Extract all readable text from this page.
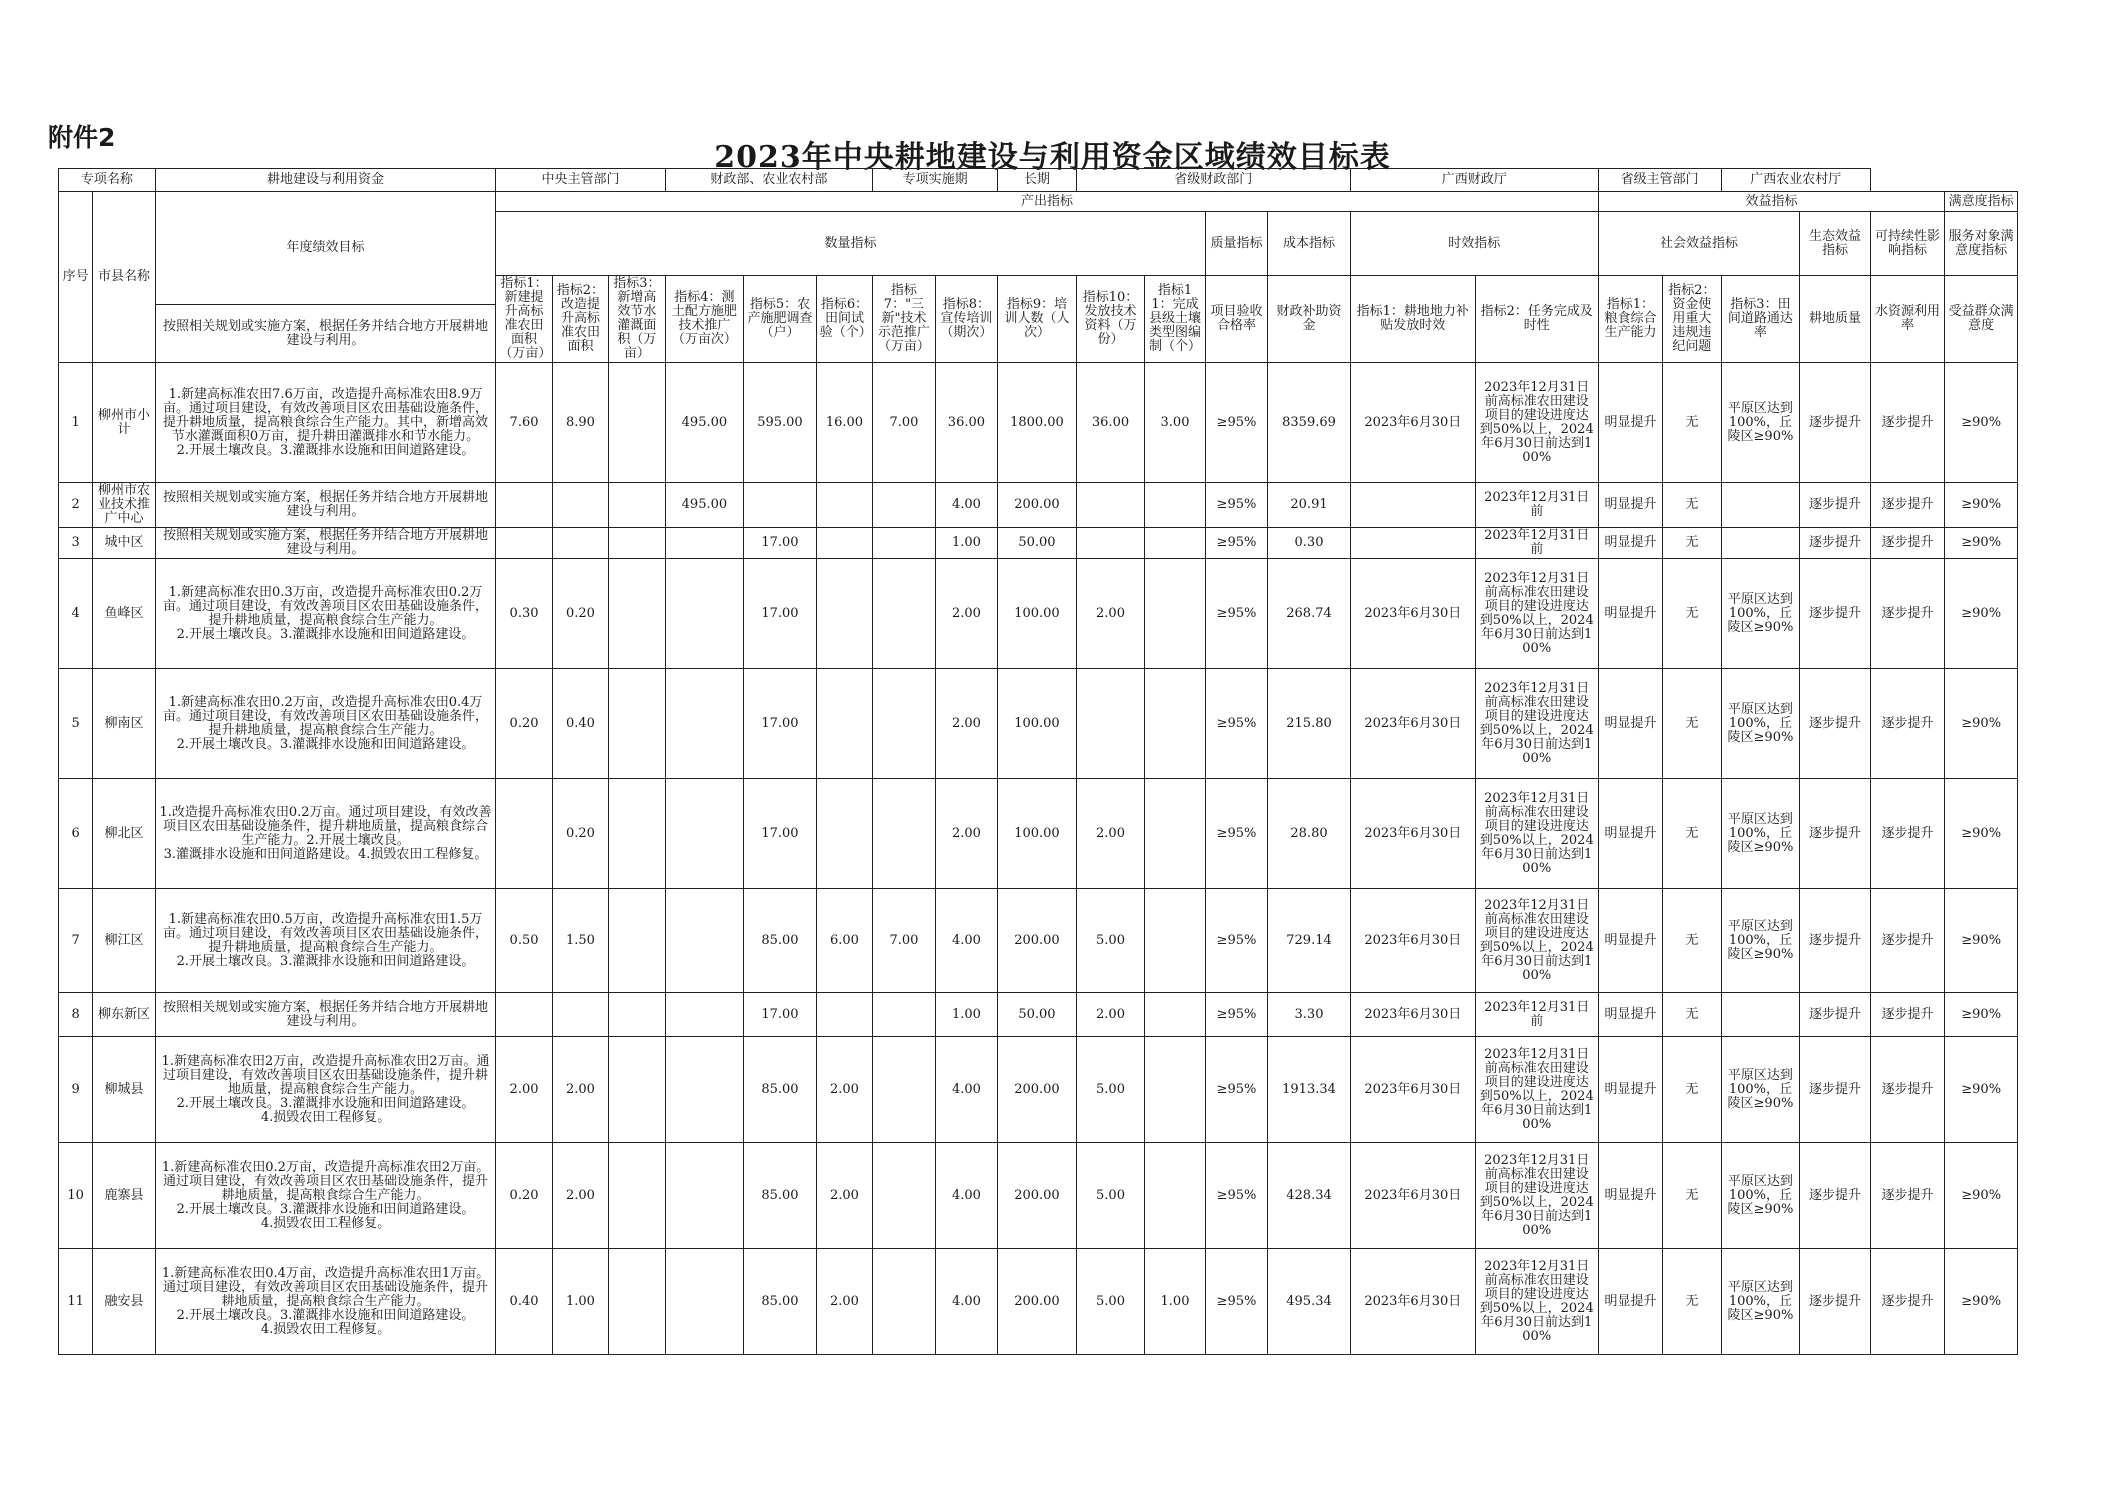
附件2
2023年中央耕地建设与利用资金区域绩效目标表
专项名称		耕地建设与利用资金	中央主管部门			财政部、农业农村部			专项实施期		长期	省级财政部门				广西财政厅		省级主管部门		广西农业农村厅			
序号	市县名称	年度绩效目标	产出指标															效益指标					满意度指标
			数量指标											质量指标	成本指标	时效指标		社会效益指标			生态效益指标	可持续性影响指标	服务对象满意度指标
			指标1：新建提升高标准农田面积（万亩）	指标2：改造提升高标准农田面积	指标3：新增高效节水灌溉面积（万亩）	指标4：测土配方施肥技术推广（万亩次）	指标5：农产施肥调查（户）	指标6：田间试验（个）	指标7："三新"技术示范推广（万亩）	指标8：宣传培训（期次）	指标9：培训人数（人次）	指标10：发放技术资料（万份）	指标11：完成县级土壤类型图编制（个）	项目验收合格率	财政补助资金	指标1：耕地地力补贴发放时效	指标2：任务完成及时性	指标1：粮食综合生产能力	指标2：资金使用重大违规违纪问题	指标3：田间道路通达率	耕地质量	水资源利用率	受益群众满意度
		按照相关规划或实施方案，根据任务并结合地方开展耕地建设与利用。																					
1	柳州市小计	1.新建高标准农田7.6万亩，改造提升高标准农田8.9万亩。通过项目建设，有效改善项目区农田基础设施条件，提升耕地质量，提高粮食综合生产能力。其中，新增高效节水灌溉面积0万亩，提升耕田灌溉排水和节水能力。
2.开展土壤改良。3.灌溉排水设施和田间道路建设。	7.60	8.90		495.00	595.00	16.00	7.00	36.00	1800.00	36.00	3.00	≥95%	8359.69	2023年6月30日	2023年12月31日前高标准农田建设项目的建设进度达到50%以上，2024年6月30日前达到100%	明显提升	无	平原区达到100%，丘陵区≥90%	逐步提升	逐步提升	≥90%
2	柳州市农业技术推广中心	按照相关规划或实施方案，根据任务并结合地方开展耕地建设与利用。				495.00				4.00	200.00			≥95%	20.91		2023年12月31日前	明显提升	无		逐步提升	逐步提升	≥90%
3	城中区	按照相关规划或实施方案，根据任务并结合地方开展耕地建设与利用。					17.00			1.00	50.00			≥95%	0.30		2023年12月31日前	明显提升	无		逐步提升	逐步提升	≥90%
4	鱼峰区	1.新建高标准农田0.3万亩，改造提升高标准农田0.2万亩。通过项目建设，有效改善项目区农田基础设施条件，提升耕地质量，提高粮食综合生产能力。
2.开展土壤改良。3.灌溉排水设施和田间道路建设。	0.30	0.20			17.00			2.00	100.00	2.00		≥95%	268.74	2023年6月30日	2023年12月31日前高标准农田建设项目的建设进度达到50%以上，2024年6月30日前达到100%	明显提升	无	平原区达到100%，丘陵区≥90%	逐步提升	逐步提升	≥90%
5	柳南区	1.新建高标准农田0.2万亩，改造提升高标准农田0.4万亩。通过项目建设，有效改善项目区农田基础设施条件，提升耕地质量，提高粮食综合生产能力。
2.开展土壤改良。3.灌溉排水设施和田间道路建设。	0.20	0.40			17.00			2.00	100.00			≥95%	215.80	2023年6月30日	2023年12月31日前高标准农田建设项目的建设进度达到50%以上，2024年6月30日前达到100%	明显提升	无	平原区达到100%，丘陵区≥90%	逐步提升	逐步提升	≥90%
6	柳北区	1.改造提升高标准农田0.2万亩。通过项目建设，有效改善项目区农田基础设施条件，提升耕地质量，提高粮食综合生产能力。2.开展土壤改良。
3.灌溉排水设施和田间道路建设。4.损毁农田工程修复。		0.20			17.00			2.00	100.00	2.00		≥95%	28.80	2023年6月30日	2023年12月31日前高标准农田建设项目的建设进度达到50%以上，2024年6月30日前达到100%	明显提升	无	平原区达到100%，丘陵区≥90%	逐步提升	逐步提升	≥90%
7	柳江区	1.新建高标准农田0.5万亩，改造提升高标准农田1.5万亩。通过项目建设，有效改善项目区农田基础设施条件，提升耕地质量，提高粮食综合生产能力。
2.开展土壤改良。3.灌溉排水设施和田间道路建设。	0.50	1.50			85.00	6.00	7.00	4.00	200.00	5.00		≥95%	729.14	2023年6月30日	2023年12月31日前高标准农田建设项目的建设进度达到50%以上，2024年6月30日前达到100%	明显提升	无	平原区达到100%，丘陵区≥90%	逐步提升	逐步提升	≥90%
8	柳东新区	按照相关规划或实施方案，根据任务并结合地方开展耕地建设与利用。					17.00			1.00	50.00	2.00		≥95%	3.30	2023年6月30日	2023年12月31日前	明显提升	无		逐步提升	逐步提升	≥90%
9	柳城县	1.新建高标准农田2万亩，改造提升高标准农田2万亩。通过项目建设，有效改善项目区农田基础设施条件，提升耕地质量，提高粮食综合生产能力。
2.开展土壤改良。3.灌溉排水设施和田间道路建设。
4.损毁农田工程修复。	2.00	2.00			85.00	2.00		4.00	200.00	5.00		≥95%	1913.34	2023年6月30日	2023年12月31日前高标准农田建设项目的建设进度达到50%以上，2024年6月30日前达到100%	明显提升	无	平原区达到100%，丘陵区≥90%	逐步提升	逐步提升	≥90%
10	鹿寨县	1.新建高标准农田0.2万亩，改造提升高标准农田2万亩。通过项目建设，有效改善项目区农田基础设施条件，提升耕地质量，提高粮食综合生产能力。
2.开展土壤改良。3.灌溉排水设施和田间道路建设。
4.损毁农田工程修复。	0.20	2.00			85.00	2.00		4.00	200.00	5.00		≥95%	428.34	2023年6月30日	2023年12月31日前高标准农田建设项目的建设进度达到50%以上，2024年6月30日前达到100%	明显提升	无	平原区达到100%，丘陵区≥90%	逐步提升	逐步提升	≥90%
11	融安县	1.新建高标准农田0.4万亩，改造提升高标准农田1万亩。通过项目建设，有效改善项目区农田基础设施条件，提升耕地质量，提高粮食综合生产能力。
2.开展土壤改良。3.灌溉排水设施和田间道路建设。
4.损毁农田工程修复。	0.40	1.00			85.00	2.00		4.00	200.00	5.00	1.00	≥95%	495.34	2023年6月30日	2023年12月31日前高标准农田建设项目的建设进度达到50%以上，2024年6月30日前达到100%	明显提升	无	平原区达到100%，丘陵区≥90%	逐步提升	逐步提升	≥90%
